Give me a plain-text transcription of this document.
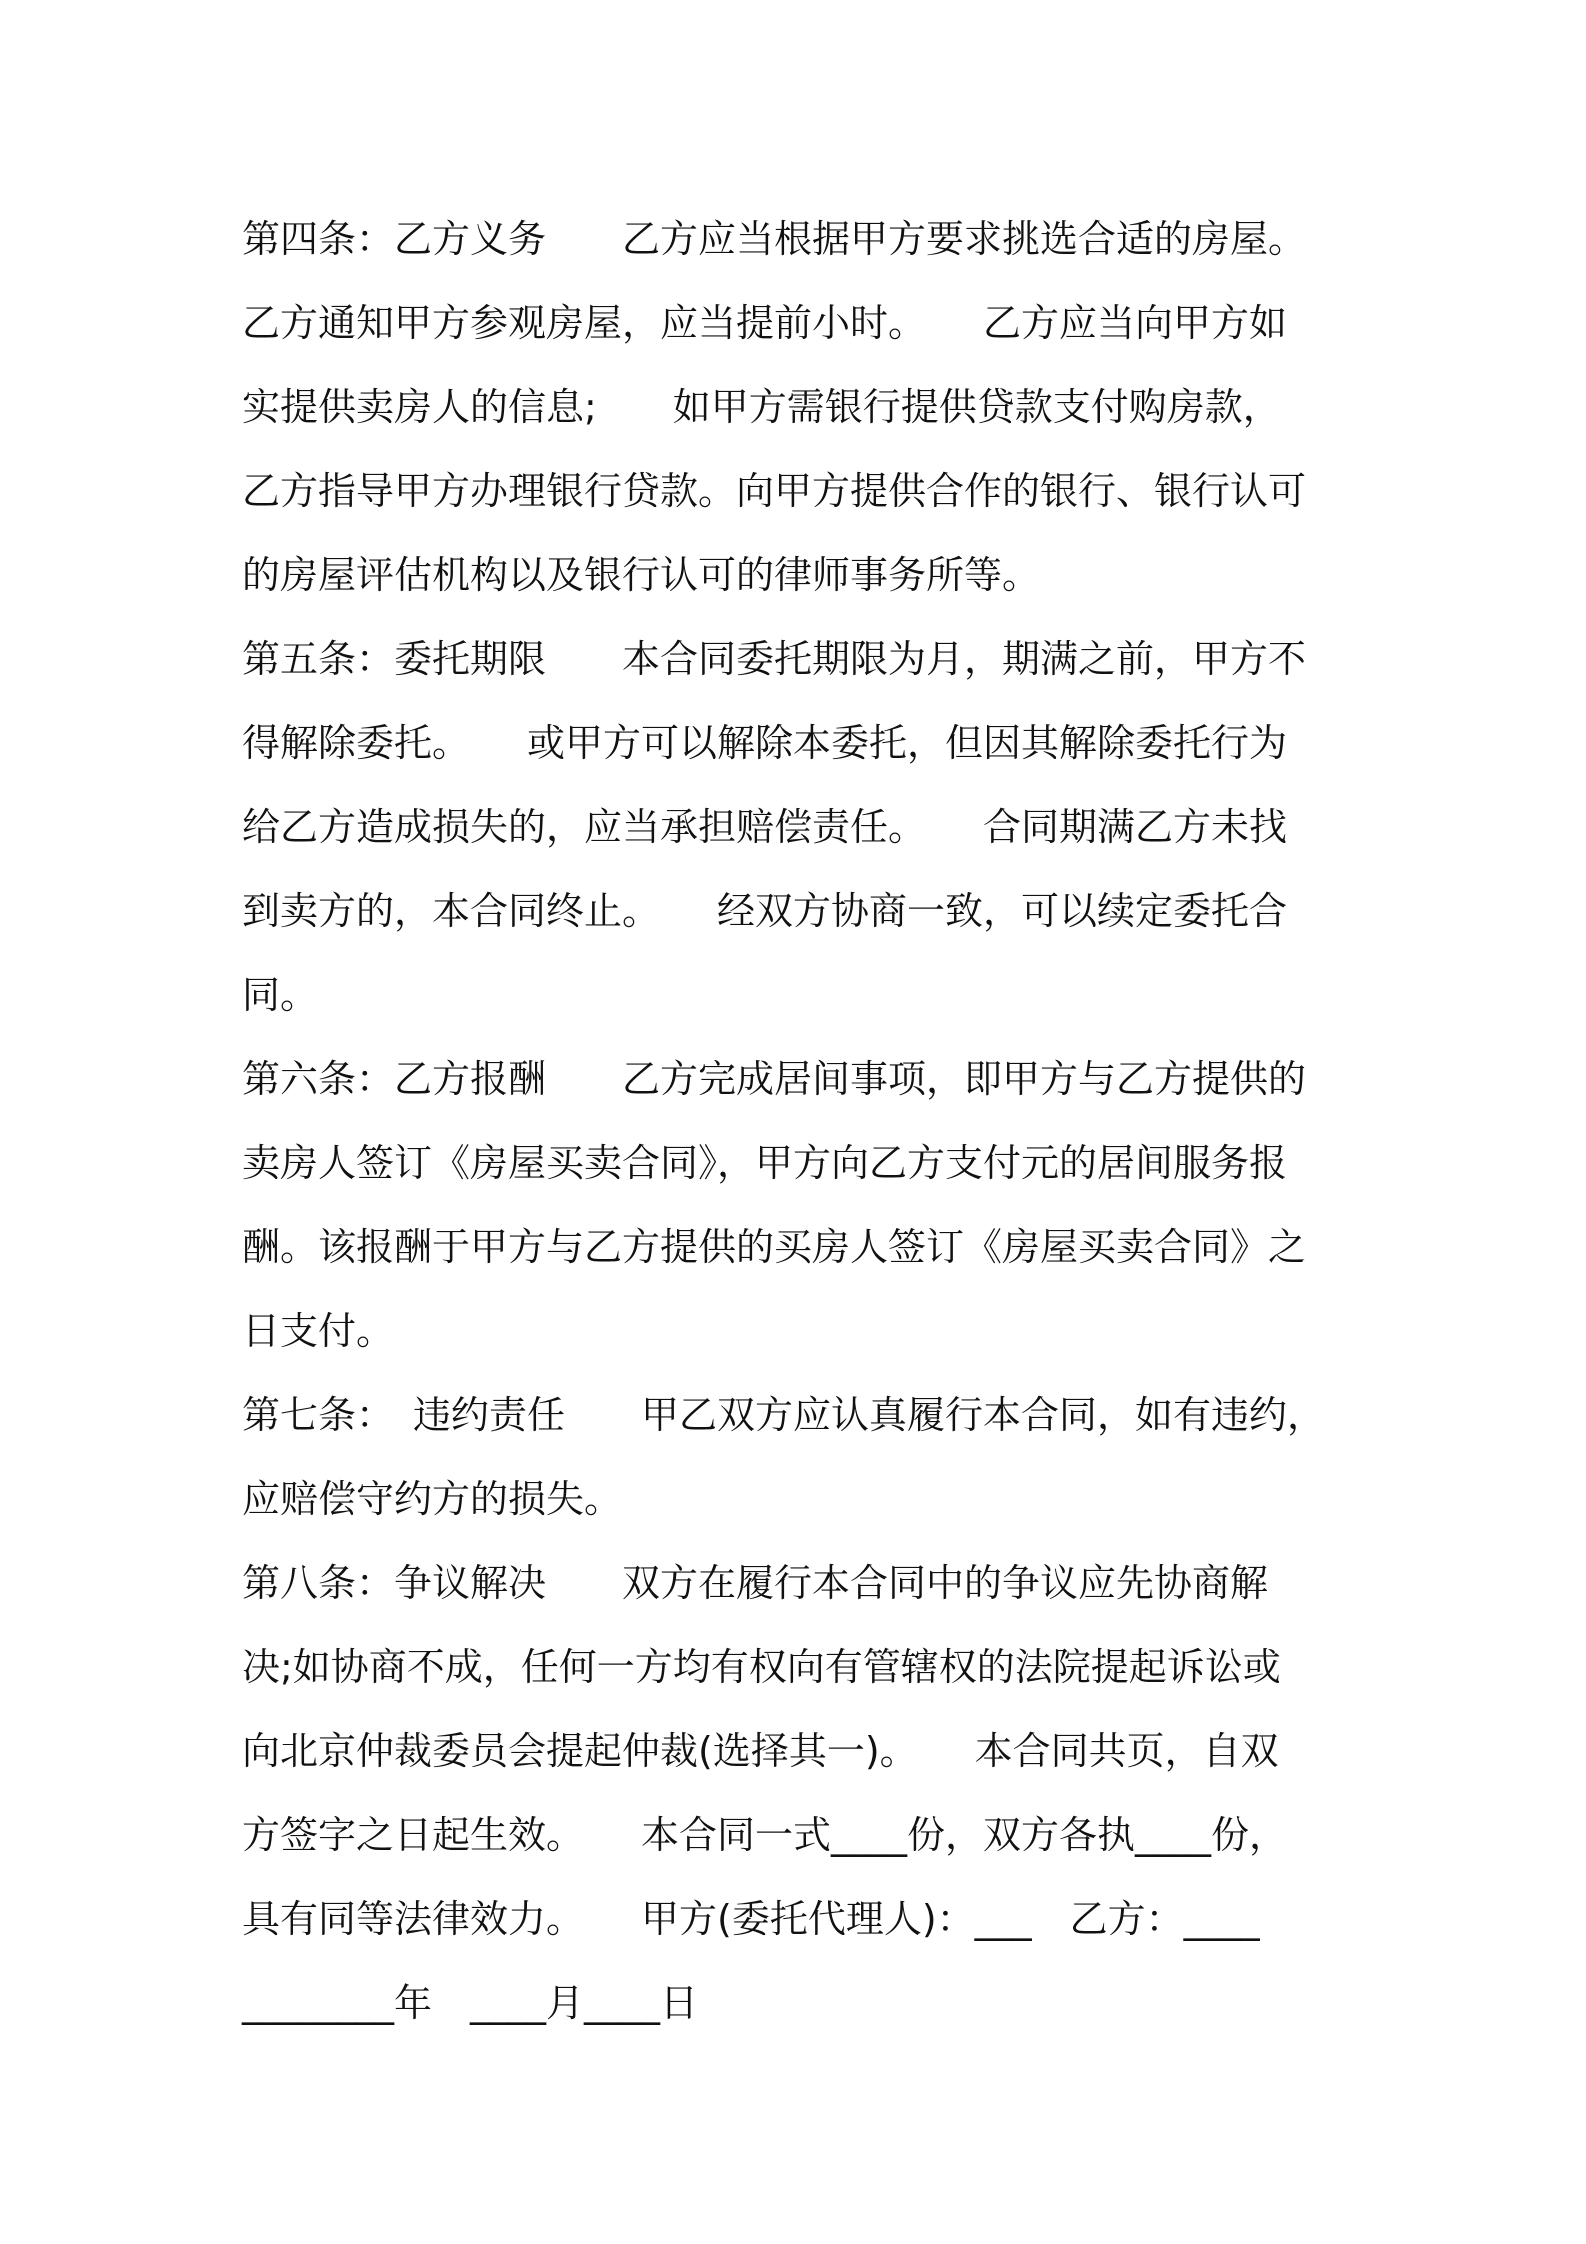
第四条：乙方义务　　乙方应当根据甲方要求挑选合适的房屋。
乙方通知甲方参观房屋，应当提前小时。　　乙方应当向甲方如
实提供卖房人的信息;　　如甲方需银行提供贷款支付购房款，
乙方指导甲方办理银行贷款。向甲方提供合作的银行、银行认可
的房屋评估机构以及银行认可的律师事务所等。
第五条：委托期限　　本合同委托期限为月，期满之前，甲方不
得解除委托。　　或甲方可以解除本委托，但因其解除委托行为
给乙方造成损失的，应当承担赔偿责任。　　合同期满乙方未找
到卖方的，本合同终止。　　经双方协商一致，可以续定委托合
同。
第六条：乙方报酬　　乙方完成居间事项，即甲方与乙方提供的
卖房人签订《房屋买卖合同》，甲方向乙方支付元的居间服务报
酬。该报酬于甲方与乙方提供的买房人签订《房屋买卖合同》之
日支付。
第七条：　违约责任　　甲乙双方应认真履行本合同，如有违约，
应赔偿守约方的损失。
第八条：争议解决　　双方在履行本合同中的争议应先协商解
决;如协商不成，任何一方均有权向有管辖权的法院提起诉讼或
向北京仲裁委员会提起仲裁(选择其一)。　　本合同共页，自双
方签字之日起生效。　　本合同一式____份，双方各执____份，
具有同等法律效力。　　甲方(委托代理人)：___　乙方：____
________年　____月____日
